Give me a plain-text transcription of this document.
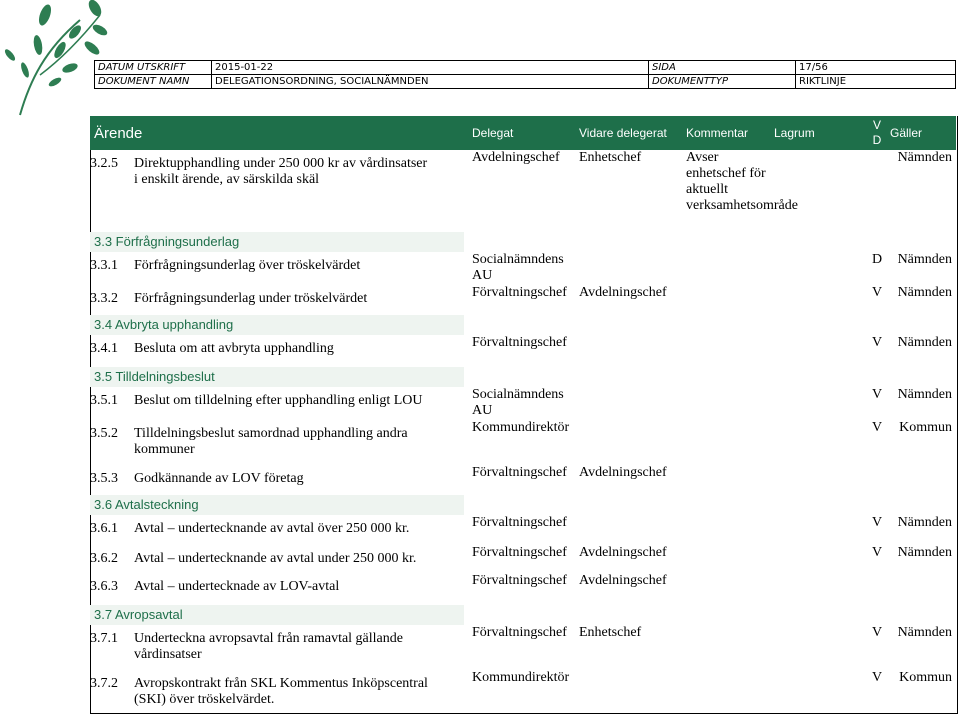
DATUM UTSKRIFT	2015-01-22	SIDA	17/56
DOKUMENT NAMN	DELEGATIONSORDNING, SOCIALNÄMNDEN	DOKUMENTTYP	RIKTLINJE
Ärende	Delegat	Vidare delegerat	Kommentar	Lagrum	V D	Gäller
3.2.5 Direktupphandling under 250 000 kr av vårdinsatser i enskilt ärende, av särskilda skäl	Avdelningschef	Enhetschef	Avser enhetschef för aktuellt verksamhetsområde			Nämnden

3.3 Förfrågningsunderlag						

3.3.1 Förfrågningsunderlag över tröskelvärdet	Socialnämndens AU				D	Nämnden
3.3.2 Förfrågningsunderlag under tröskelvärdet	Förvaltningschef	Avdelningschef			V	Nämnden

3.4 Avbryta upphandling						

3.4.1 Besluta om att avbryta upphandling	Förvaltningschef				V	Nämnden

3.5 Tilldelningsbeslut						

3.5.1 Beslut om tilldelning efter upphandling enligt LOU	Socialnämndens AU				V	Nämnden
3.5.2 Tilldelningsbeslut samordnad upphandling andra kommuner	Kommundirektör				V	Kommun
3.5.3 Godkännande av LOV företag	Förvaltningschef	Avdelningschef				

3.6 Avtalsteckning						

3.6.1 Avtal – undertecknande av avtal över 250 000 kr.	Förvaltningschef				V	Nämnden
3.6.2 Avtal – undertecknande av avtal under 250 000 kr.	Förvaltningschef	Avdelningschef			V	Nämnden
3.6.3 Avtal – undertecknade av LOV-avtal	Förvaltningschef	Avdelningschef				

3.7 Avropsavtal						

3.7.1 Underteckna avropsavtal från ramavtal gällande vårdinsatser	Förvaltningschef	Enhetschef			V	Nämnden
3.7.2 Avropskontrakt från SKL Kommentus Inköpscentral (SKI) över tröskelvärdet.	Kommundirektör				V	Kommun
